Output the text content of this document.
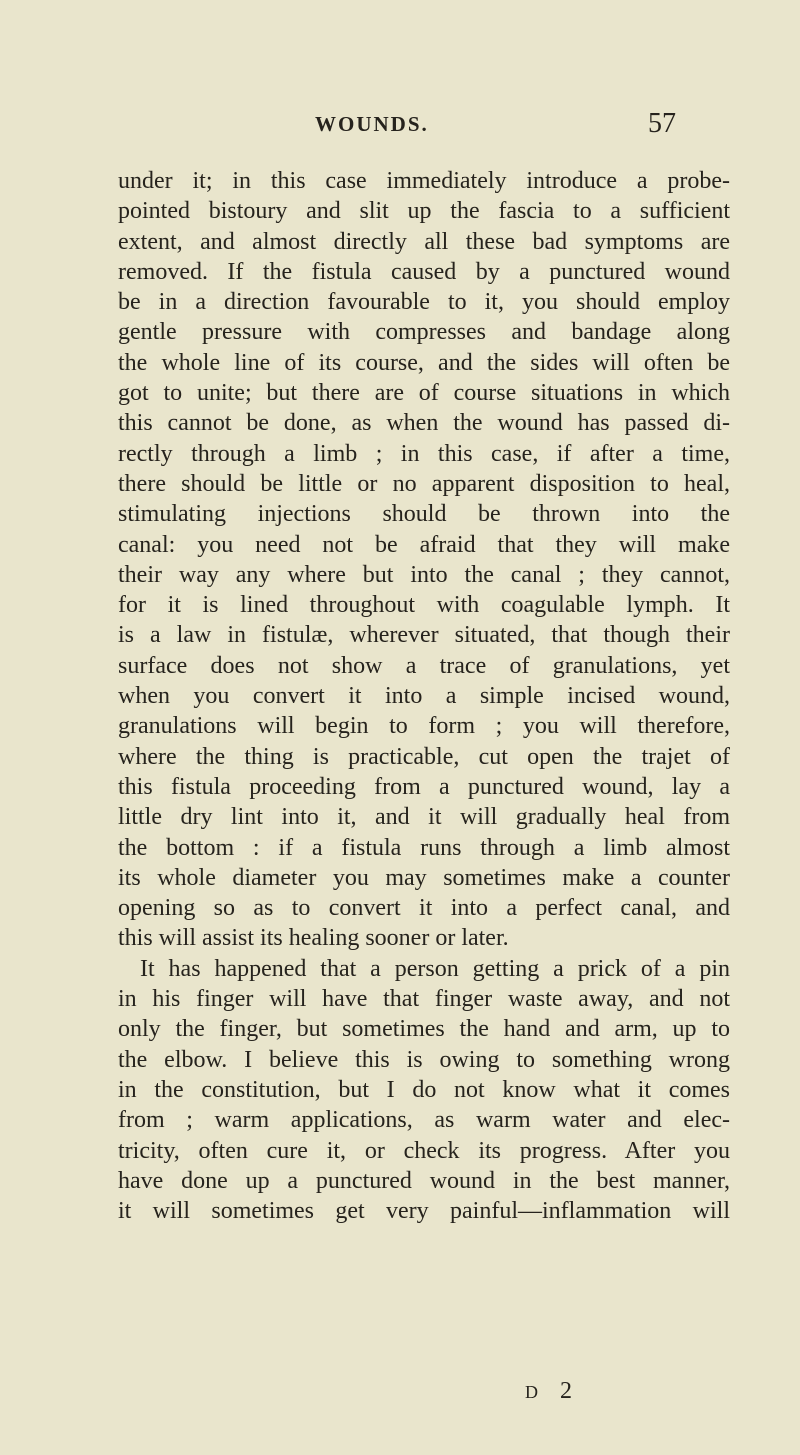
WOUNDS.	57
under it; in this case immediately introduce a probe-
pointed bistoury and slit up the fascia to a sufficient
extent, and almost directly all these bad symptoms are
removed. If the fistula caused by a punctured wound
be in a direction favourable to it, you should employ
gentle pressure with compresses and bandage along
the whole line of its course, and the sides will often be
got to unite; but there are of course situations in which
this cannot be done, as when the wound has passed di-
rectly through a limb ; in this case, if after a time,
there should be little or no apparent disposition to heal,
stimulating injections should be thrown into the
canal: you need not be afraid that they will make
their way any where but into the canal ; they cannot,
for it is lined throughout with coagulable lymph. It
is a law in fistulæ, wherever situated, that though their
surface does not show a trace of granulations, yet
when you convert it into a simple incised wound,
granulations will begin to form ; you will therefore,
where the thing is practicable, cut open the trajet of
this fistula proceeding from a punctured wound, lay a
little dry lint into it, and it will gradually heal from
the bottom : if a fistula runs through a limb almost
its whole diameter you may sometimes make a counter
opening so as to convert it into a perfect canal, and
this will assist its healing sooner or later.
It has happened that a person getting a prick of a pin
in his finger will have that finger waste away, and not
only the finger, but sometimes the hand and arm, up to
the elbow. I believe this is owing to something wrong
in the constitution, but I do not know what it comes
from ; warm applications, as warm water and elec-
tricity, often cure it, or check its progress. After you
have done up a punctured wound in the best manner,
it will sometimes get very painful—inflammation will
D 2
